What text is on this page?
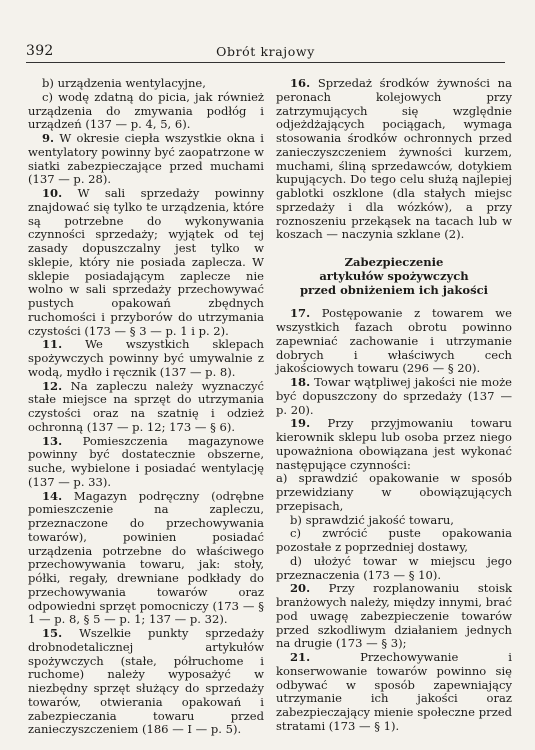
392	Obrót krajowy

b) urządzenia wentylacyjne,

c) wodę zdatną do picia, jak również urządzenia do zmywania podłóg i urządzeń (137 — p. 4, 5, 6).

9. W okresie ciepła wszystkie okna i wentylatory powinny być zaopatrzone w siatki zabezpieczające przed muchami (137 — p. 28).

10. W sali sprzedaży powinny znajdować się tylko te urządzenia, które są potrzebne do wykonywania czynności sprzedaży; wyjątek od tej zasady dopuszczalny jest tylko w sklepie, który nie posiada zaplecza. W sklepie posiadającym zaplecze nie wolno w sali sprzedaży przechowywać pustych opakowań zbędnych ruchomości i przyborów do utrzymania czystości (173 — § 3 — p. 1 i p. 2).

11. We wszystkich sklepach spożywczych powinny być umywalnie z wodą, mydło i ręcznik (137 — p. 8).

12. Na zapleczu należy wyznaczyć stałe miejsce na sprzęt do utrzymania czystości oraz na szatnię i odzież ochronną (137 — p. 12; 173 — § 6).

13. Pomieszczenia magazynowe powinny być dostatecznie obszerne, suche, wybielone i posiadać wentylację (137 — p. 33).

14. Magazyn podręczny (odrębne pomieszczenie na zapleczu, przeznaczone do przechowywania towarów), powinien posiadać urządzenia potrzebne do właściwego przechowywania towaru, jak: stoły, półki, regały, drewniane podkłady do przechowywania towarów oraz odpowiedni sprzęt pomocniczy (173 — § 1 — p. 8, § 5 — p. 1; 137 — p. 32).

15. Wszelkie punkty sprzedaży drobnodetalicznej artykułów spożywczych (stałe, półruchome i ruchome) należy wyposażyć w niezbędny sprzęt służący do sprzedaży towarów, otwierania opakowań i zabezpieczania towaru przed zanieczyszczeniem (186 — I — p. 5).

16. Sprzedaż środków żywności na peronach kolejowych przy zatrzymujących się względnie odjeżdżających pociągach, wymaga stosowania środków ochronnych przed zanieczyszczeniem żywności kurzem, muchami, śliną sprzedawców, dotykiem kupujących. Do tego celu służą najlepiej gablotki oszklone (dla stałych miejsc sprzedaży i dla wózków), a przy roznoszeniu przekąsek na tacach lub w koszach — naczynia szklane (2).

Zabezpieczenie
artykułów spożywczych
przed obniżeniem ich jakości

17. Postępowanie z towarem we wszystkich fazach obrotu powinno zapewniać zachowanie i utrzymanie dobrych i właściwych cech jakościowych towaru (296 — § 20).

18. Towar wątpliwej jakości nie może być dopuszczony do sprzedaży (137 — p. 20).

19. Przy przyjmowaniu towaru kierownik sklepu lub osoba przez niego upoważniona obowiązana jest wykonać następujące czynności:

a) sprawdzić opakowanie w sposób przewidziany w obowiązujących przepisach,

b) sprawdzić jakość towaru,

c) zwrócić puste opakowania pozostałe z poprzedniej dostawy,

d) ułożyć towar w miejscu jego przeznaczenia (173 — § 10).

20. Przy rozplanowaniu stoisk branżowych należy, między innymi, brać pod uwagę zabezpieczenie towarów przed szkodliwym działaniem jednych na drugie (173 — § 3);

21.	Przechowywanie i konserwowanie towarów powinno się odbywać w sposób zapewniający utrzymanie ich jakości oraz zabezpieczający mienie społeczne przed stratami (173 — § 1).
